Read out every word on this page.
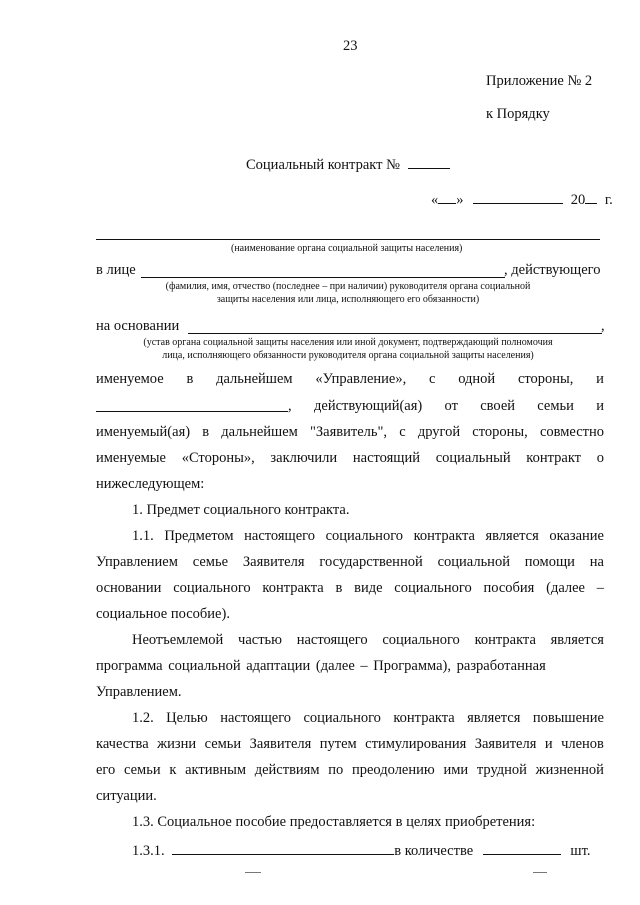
23
Приложение № 2
к Порядку
Социальный контракт №
« »	20 г.
(наименование органа социальной защиты населения)
в лице	, действующего
(фамилия, имя, отчество (последнее – при наличии) руководителя органа социальной
защиты населения или лица, исполняющего его обязанности)
на основании	,
(устав органа социальной защиты населения или иной документ, подтверждающий полномочия
лица, исполняющего обязанности руководителя органа социальной защиты населения)
именуемое в дальнейшем «Управление», с одной стороны, и
, действующий(ая) от своей семьи и
именуемый(ая) в дальнейшем "Заявитель", с другой стороны, совместно
именуемые «Стороны», заключили настоящий социальный контракт о
нижеследующем:
1. Предмет социального контракта.
1.1. Предметом настоящего социального контракта является оказание
Управлением семье Заявителя государственной социальной помощи на
основании социального контракта в виде социального пособия (далее –
социальное пособие).
Неотъемлемой частью настоящего социального контракта является
программа социальной адаптации (далее – Программа), разработанная
Управлением.
1.2. Целью настоящего социального контракта является повышение
качества жизни семьи Заявителя путем стимулирования Заявителя и членов
его семьи к активным действиям по преодолению ими трудной жизненной
ситуации.
1.3. Социальное пособие предоставляется в целях приобретения:
1.3.1.	в количестве	шт.
